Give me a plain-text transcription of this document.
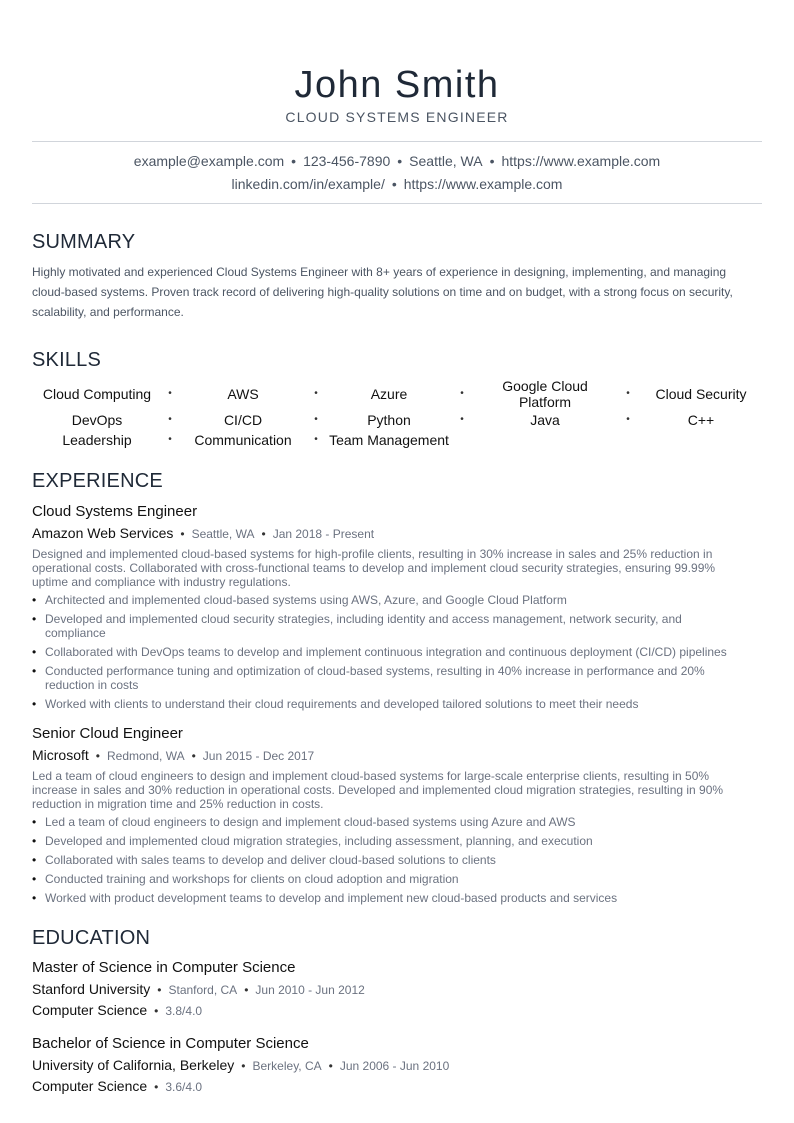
John Smith
CLOUD SYSTEMS ENGINEER
example@example.com • 123-456-7890 • Seattle, WA • https://www.example.com
linkedin.com/in/example/ • https://www.example.com
SUMMARY
Highly motivated and experienced Cloud Systems Engineer with 8+ years of experience in designing, implementing, and managing cloud-based systems. Proven track record of delivering high-quality solutions on time and on budget, with a strong focus on security, scalability, and performance.
SKILLS
Cloud Computing	•	AWS	•	Azure	•	Google Cloud Platform	•	Cloud Security
DevOps	•	CI/CD	•	Python	•	Java	•	C++
Leadership	•	Communication	•	Team Management				
EXPERIENCE
Cloud Systems Engineer
Amazon Web Services • Seattle, WA • Jan 2018 - Present
Designed and implemented cloud-based systems for high-profile clients, resulting in 30% increase in sales and 25% reduction in operational costs. Collaborated with cross-functional teams to develop and implement cloud security strategies, ensuring 99.99% uptime and compliance with industry regulations.
• Architected and implemented cloud-based systems using AWS, Azure, and Google Cloud Platform
• Developed and implemented cloud security strategies, including identity and access management, network security, and compliance
• Collaborated with DevOps teams to develop and implement continuous integration and continuous deployment (CI/CD) pipelines
• Conducted performance tuning and optimization of cloud-based systems, resulting in 40% increase in performance and 20% reduction in costs
• Worked with clients to understand their cloud requirements and developed tailored solutions to meet their needs
Senior Cloud Engineer
Microsoft • Redmond, WA • Jun 2015 - Dec 2017
Led a team of cloud engineers to design and implement cloud-based systems for large-scale enterprise clients, resulting in 50% increase in sales and 30% reduction in operational costs. Developed and implemented cloud migration strategies, resulting in 90% reduction in migration time and 25% reduction in costs.
• Led a team of cloud engineers to design and implement cloud-based systems using Azure and AWS
• Developed and implemented cloud migration strategies, including assessment, planning, and execution
• Collaborated with sales teams to develop and deliver cloud-based solutions to clients
• Conducted training and workshops for clients on cloud adoption and migration
• Worked with product development teams to develop and implement new cloud-based products and services
EDUCATION
Master of Science in Computer Science
Stanford University • Stanford, CA • Jun 2010 - Jun 2012
Computer Science • 3.8/4.0
Bachelor of Science in Computer Science
University of California, Berkeley • Berkeley, CA • Jun 2006 - Jun 2010
Computer Science • 3.6/4.0
